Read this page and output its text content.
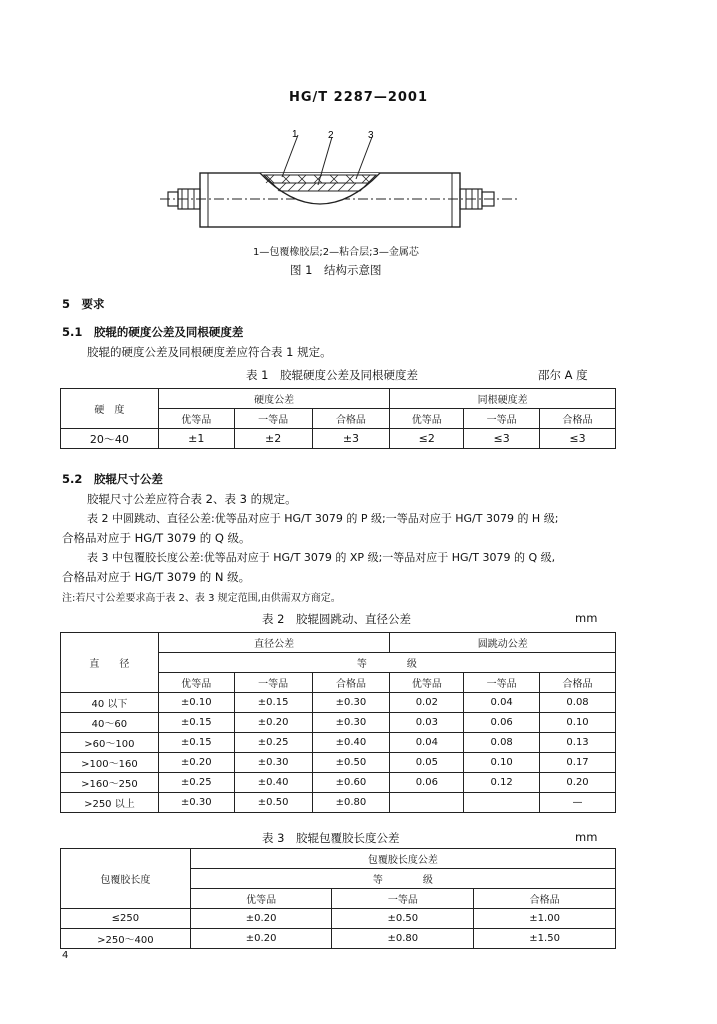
HG/T 2287—2001
1	2	3
1—包覆橡胶层;2—粘合层;3—金属芯
图 1　结构示意图
5　要求
5.1　胶辊的硬度公差及同根硬度差
胶辊的硬度公差及同根硬度差应符合表 1 规定。
表 1　胶辊硬度公差及同根硬度差	邵尔 A 度
硬　度	硬度公差			同根硬度差		
	优等品	一等品	合格品	优等品	一等品	合格品
20～40	±1	±2	±3	≤2	≤3	≤3
5.2　胶辊尺寸公差
胶辊尺寸公差应符合表 2、表 3 的规定。
表 2 中圆跳动、直径公差:优等品对应于 HG/T 3079 的 P 级;一等品对应于 HG/T 3079 的 H 级;
合格品对应于 HG/T 3079 的 Q 级。
表 3 中包覆胶长度公差:优等品对应于 HG/T 3079 的 XP 级;一等品对应于 HG/T 3079 的 Q 级,
合格品对应于 HG/T 3079 的 N 级。
注:若尺寸公差要求高于表 2、表 3 规定范围,由供需双方商定。
表 2　胶辊圆跳动、直径公差	mm
直　　径	直径公差			圆跳动公差		
	等　　　　级					
	优等品	一等品	合格品	优等品	一等品	合格品
40 以下	±0.10	±0.15	±0.30	0.02	0.04	0.08
40～60	±0.15	±0.20	±0.30	0.03	0.06	0.10
>60～100	±0.15	±0.25	±0.40	0.04	0.08	0.13
>100～160	±0.20	±0.30	±0.50	0.05	0.10	0.17
>160～250	±0.25	±0.40	±0.60	0.06	0.12	0.20
>250 以上	±0.30	±0.50	±0.80			—
表 3　胶辊包覆胶长度公差	mm
包覆胶长度	包覆胶长度公差		
	等　　　　级		
	优等品	一等品	合格品
≤250	±0.20	±0.50	±1.00
>250～400	±0.20	±0.80	±1.50
4
